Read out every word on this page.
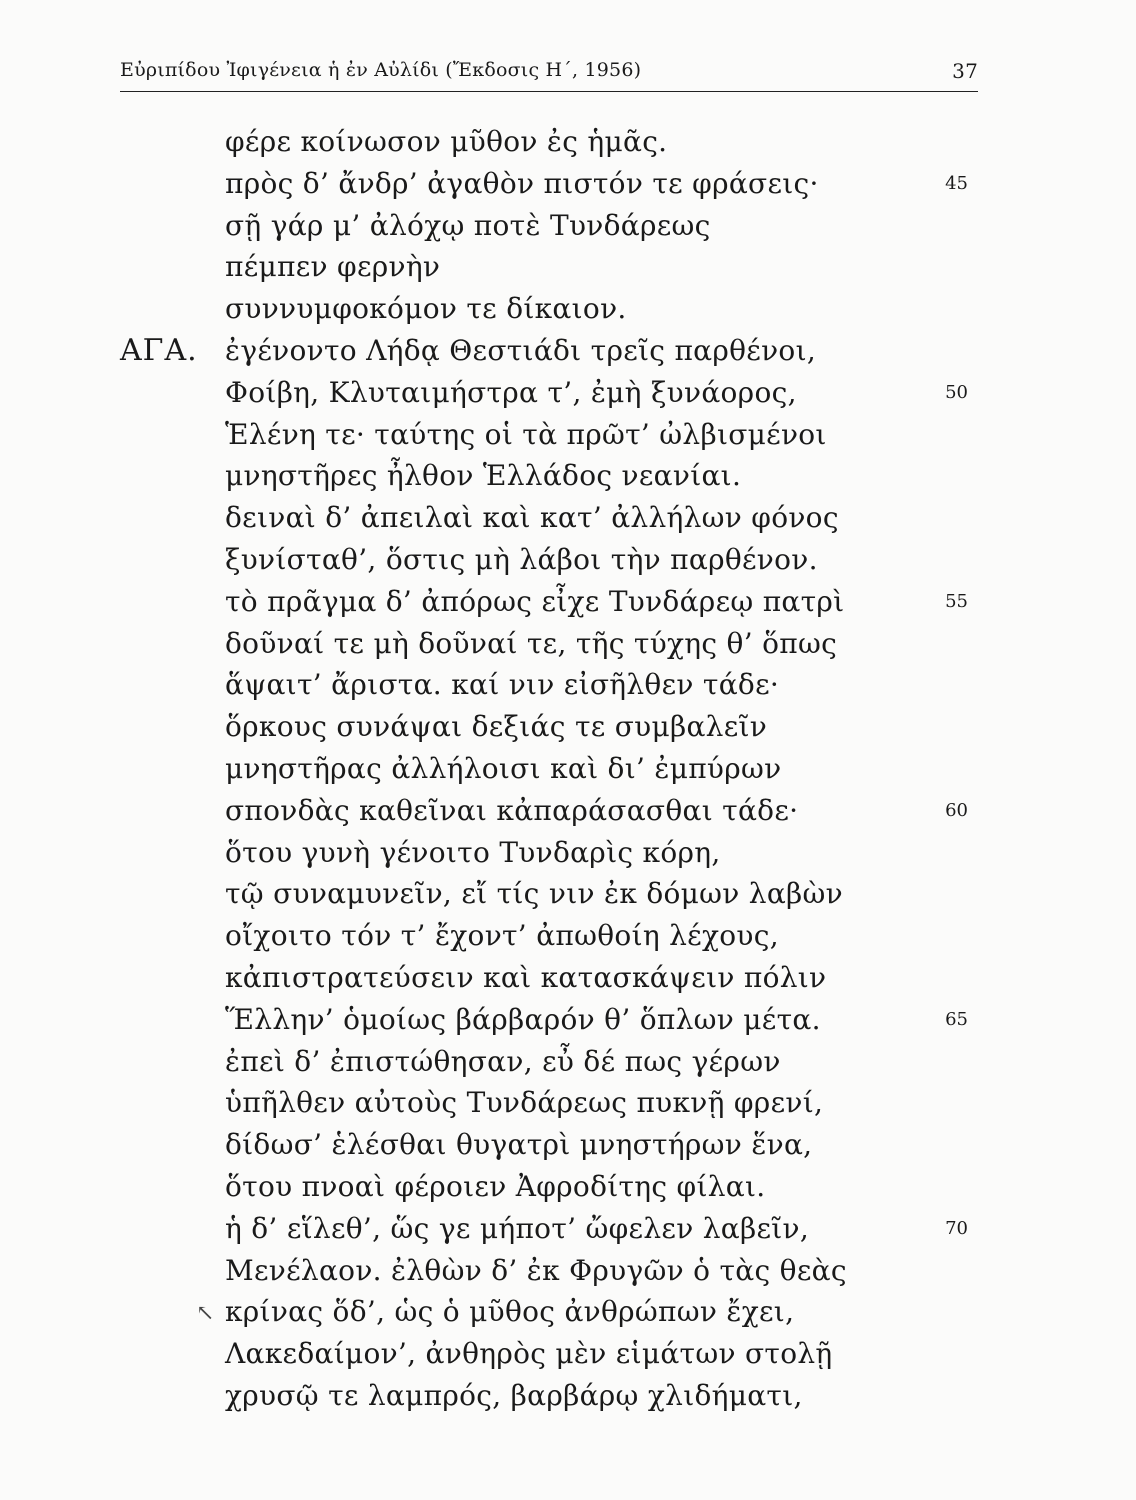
Εὐριπίδου Ἰφιγένεια ἡ ἐν Αὐλίδι (Ἔκδοσις Η΄, 1956)	37
φέρε κοίνωσον μῦθον ἐς ἡμᾶς.
πρὸς δ’ ἄνδρ’ ἀγαθὸν πιστόν τε φράσεις·	45
σῇ γάρ μ’ ἀλόχῳ ποτὲ Τυνδάρεως
πέμπεν φερνὴν
συννυμφοκόμον τε δίκαιον.
ΑΓΑ. ἐγένοντο Λήδᾳ Θεστιάδι τρεῖς παρθένοι,
Φοίβη, Κλυταιμήστρα τ’, ἐμὴ ξυνάορος,	50
Ἑλένη τε· ταύτης οἱ τὰ πρῶτ’ ὠλβισμένοι
μνηστῆρες ἦλθον Ἑλλάδος νεανίαι.
δειναὶ δ’ ἀπειλαὶ καὶ κατ’ ἀλλήλων φόνος
ξυνίσταθ’, ὅστις μὴ λάβοι τὴν παρθένον.
τὸ πρᾶγμα δ’ ἀπόρως εἶχε Τυνδάρεῳ πατρὶ	55
δοῦναί τε μὴ δοῦναί τε, τῆς τύχης θ’ ὅπως
ἅψαιτ’ ἄριστα. καί νιν εἰσῆλθεν τάδε·
ὅρκους συνάψαι δεξιάς τε συμβαλεῖν
μνηστῆρας ἀλλήλοισι καὶ δι’ ἐμπύρων
σπονδὰς καθεῖναι κἀπαράσασθαι τάδε·	60
ὅτου γυνὴ γένοιτο Τυνδαρὶς κόρη,
τῷ συναμυνεῖν, εἴ τίς νιν ἐκ δόμων λαβὼν
οἴχοιτο τόν τ’ ἔχοντ’ ἀπωθοίη λέχους,
κἀπιστρατεύσειν καὶ κατασκάψειν πόλιν
Ἕλλην’ ὁμοίως βάρβαρόν θ’ ὅπλων μέτα.	65
ἐπεὶ δ’ ἐπιστώθησαν, εὖ δέ πως γέρων
ὑπῆλθεν αὐτοὺς Τυνδάρεως πυκνῇ φρενί,
δίδωσ’ ἑλέσθαι θυγατρὶ μνηστήρων ἕνα,
ὅτου πνοαὶ φέροιεν Ἀφροδίτης φίλαι.
ἡ δ’ εἵλεθ’, ὥς γε μήποτ’ ὤφελεν λαβεῖν,	70
Μενέλαον. ἐλθὼν δ’ ἐκ Φρυγῶν ὁ τὰς θεὰς
↖ κρίνας ὅδ’, ὡς ὁ μῦθος ἀνθρώπων ἔχει,
Λακεδαίμον’, ἀνθηρὸς μὲν εἱμάτων στολῇ
χρυσῷ τε λαμπρός, βαρβάρῳ χλιδήματι,
